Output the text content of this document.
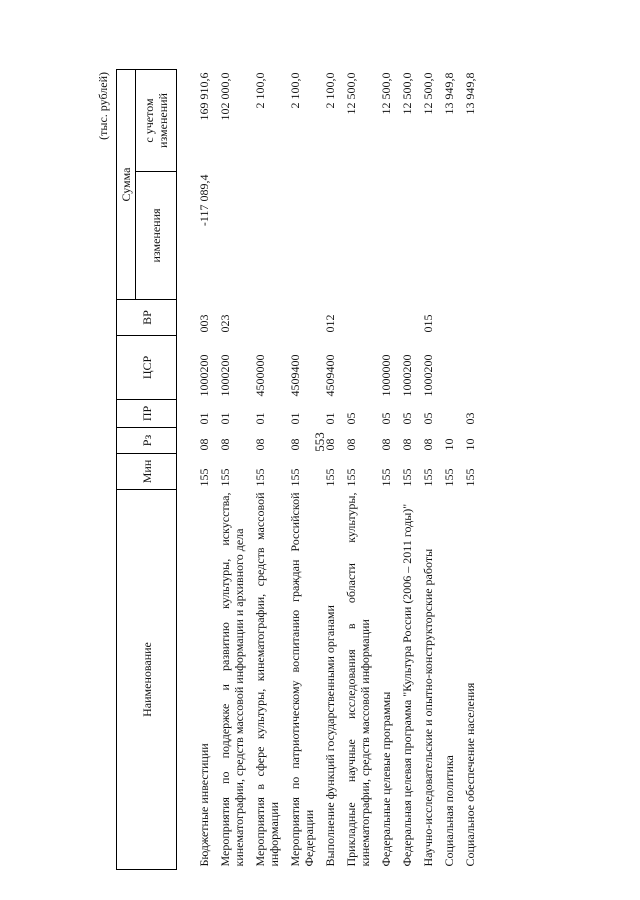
553
(тыс. рублей)
Наименование	Мин	Рз	ПР	ЦСР	ВР	Сумма	
						изменения	с учетом изменений

Бюджетные инвестиции	155	08	01	1000200	003	-117 089,4	169 910,6
Мероприятия по поддержке и развитию культуры, искусства, кинематографии, средств массовой информации и архивного дела	155	08	01	1000200	023		102 000,0
Мероприятия в сфере культуры, кинематографии, средств массовой информации	155	08	01	4500000			2 100,0
Мероприятия по патриотическому воспитанию граждан Российской Федерации	155	08	01	4509400			2 100,0
Выполнение функций государственными органами	155	08	01	4509400	012		2 100,0
Прикладные научные исследования в области культуры, кинематографии, средств массовой информации	155	08	05				12 500,0
Федеральные целевые программы	155	08	05	1000000			12 500,0
Федеральная целевая программа "Культура России (2006 – 2011 годы)"	155	08	05	1000200			12 500,0
Научно-исследовательские и опытно-конструкторские работы	155	08	05	1000200	015		12 500,0
Социальная политика	155	10					13 949,8
Социальное обеспечение населения	155	10	03				13 949,8
